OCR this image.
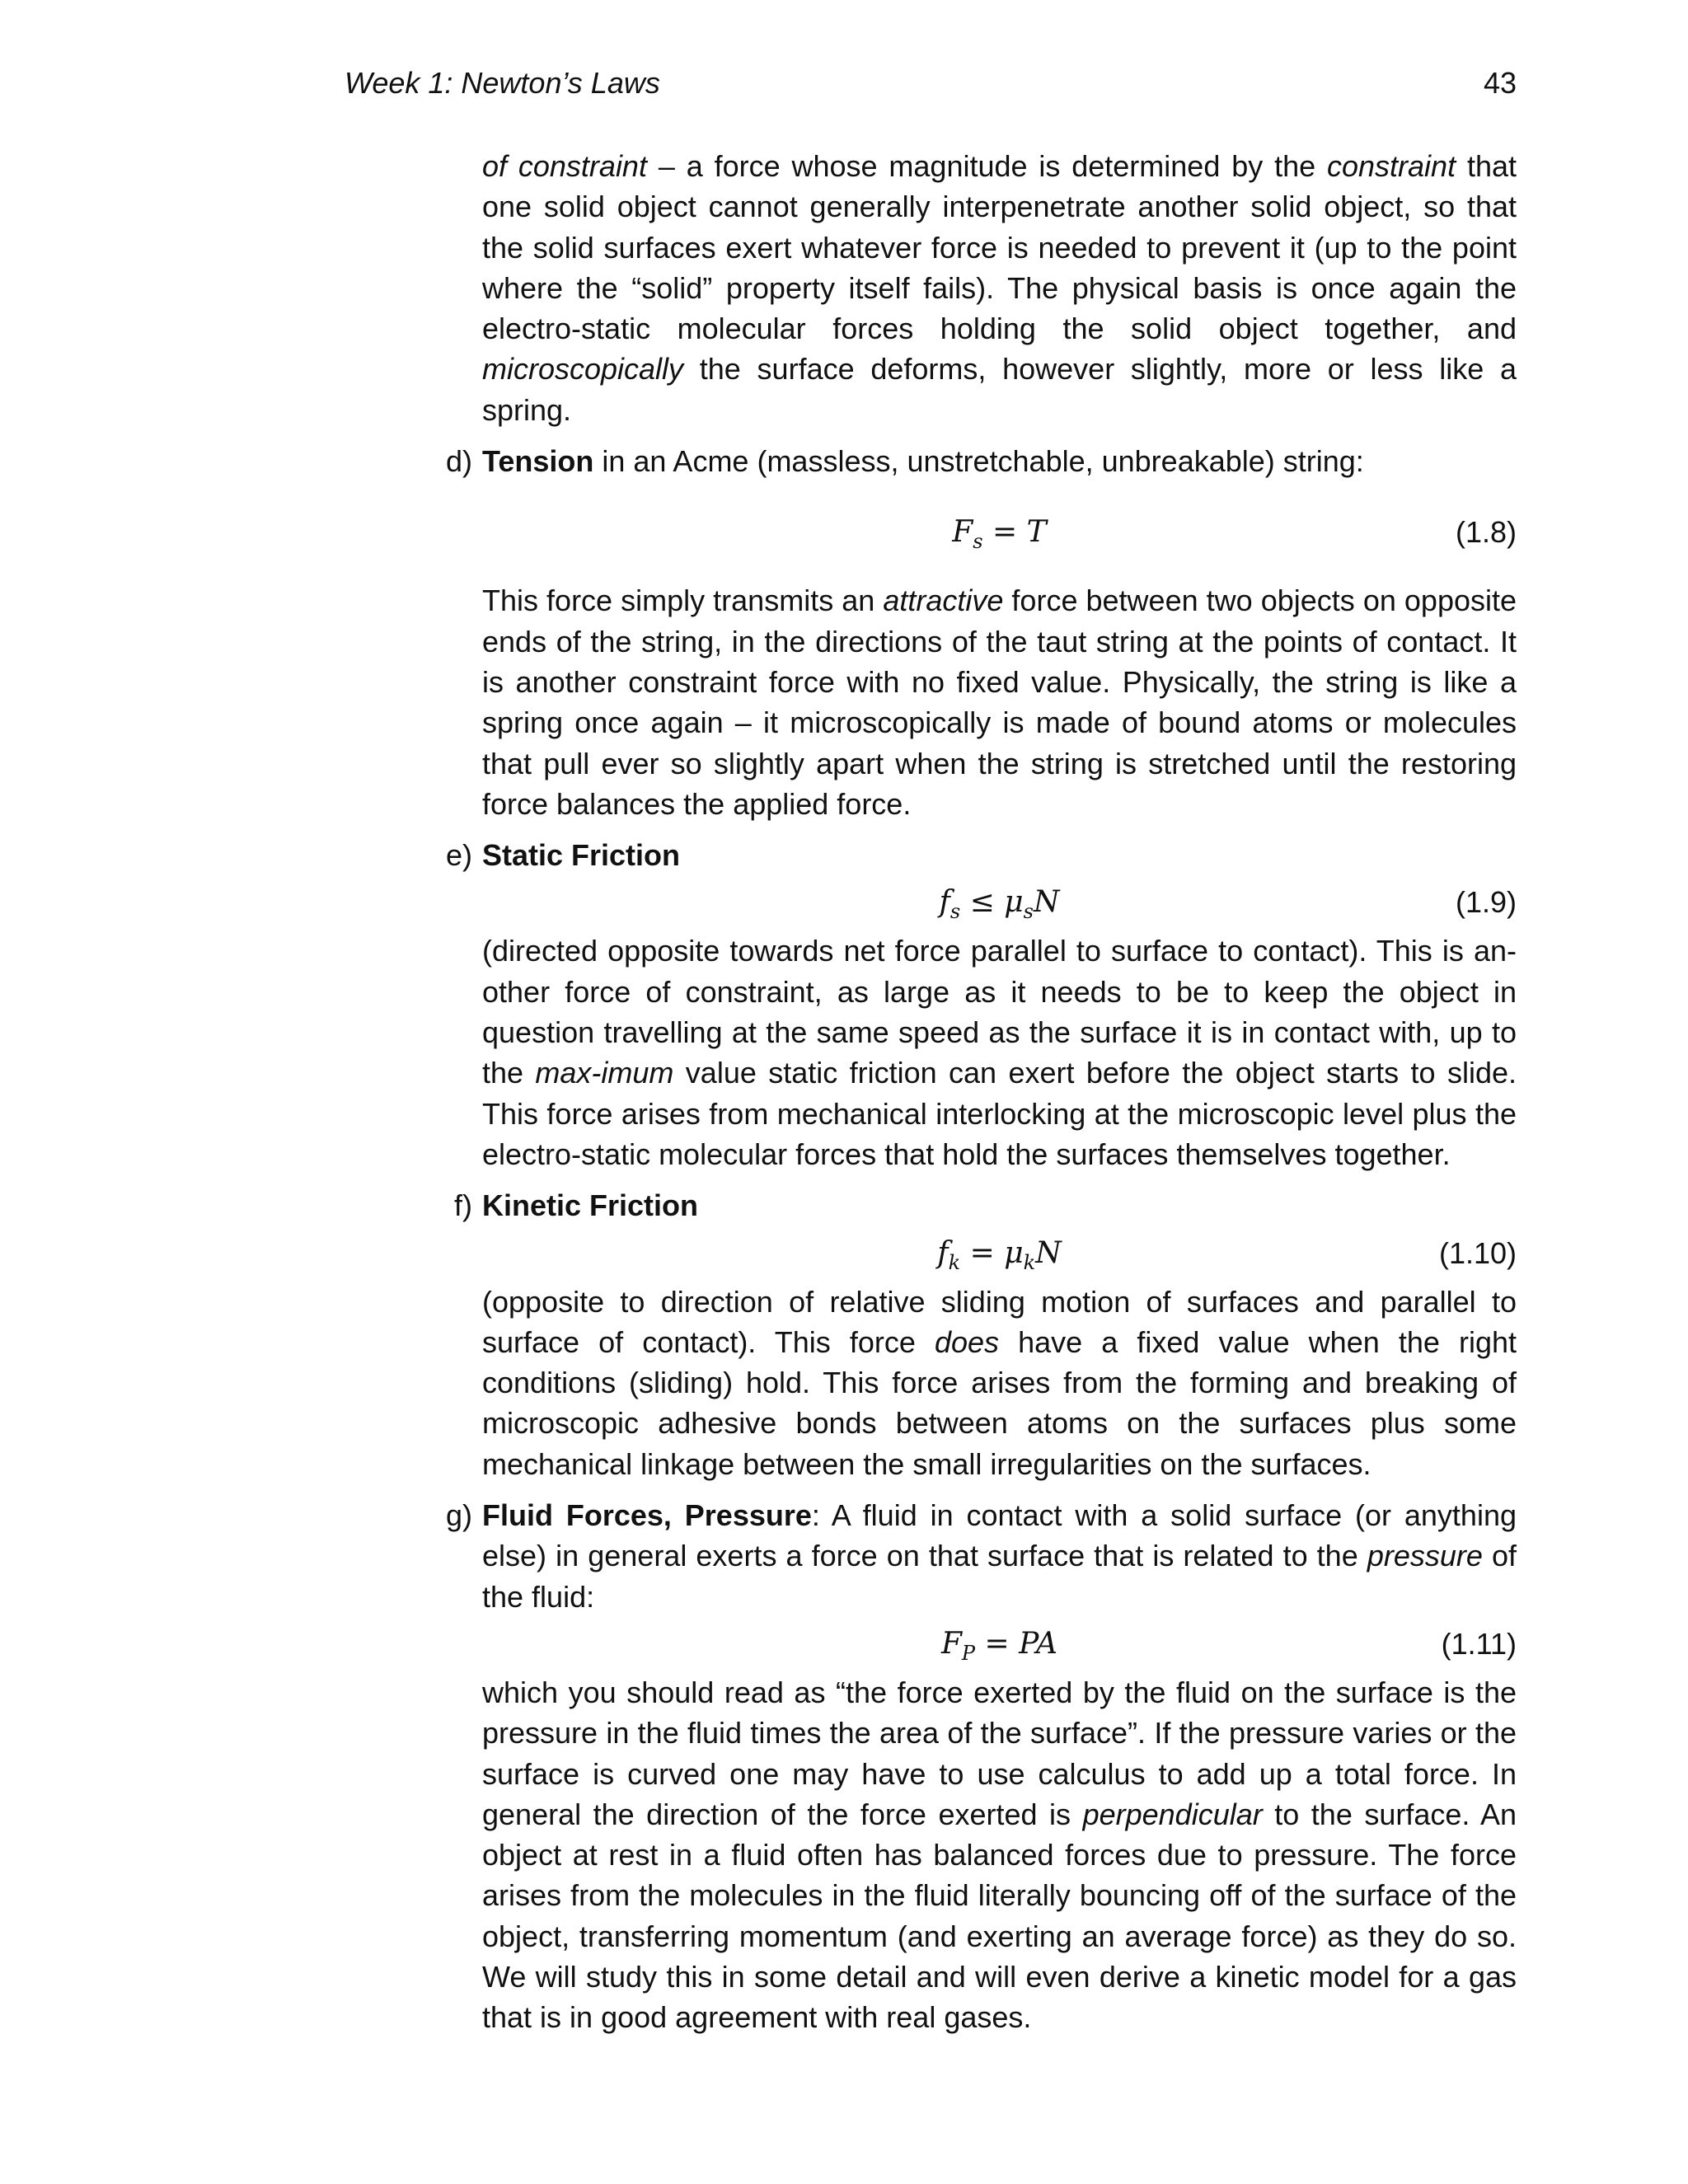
Week 1: Newton’s Laws	43

of constraint – a force whose magnitude is determined by the constraint that one solid object cannot generally interpenetrate another solid object, so that the solid surfaces exert whatever force is needed to prevent it (up to the point where the “solid” property itself fails). The physical basis is once again the electro-static molecular forces holding the solid object together, and microscopically the surface deforms, however slightly, more or less like a spring.

d) Tension in an Acme (massless, unstretchable, unbreakable) string:

$F_s = T$	(1.8)

This force simply transmits an attractive force between two objects on opposite ends of the string, in the directions of the taut string at the points of contact. It is another constraint force with no fixed value. Physically, the string is like a spring once again – it microscopically is made of bound atoms or molecules that pull ever so slightly apart when the string is stretched until the restoring force balances the applied force.

e) Static Friction

$f_s \le \mu_sN$	(1.9)

(directed opposite towards net force parallel to surface to contact). This is an-other force of constraint, as large as it needs to be to keep the object in question travelling at the same speed as the surface it is in contact with, up to the max-imum value static friction can exert before the object starts to slide. This force arises from mechanical interlocking at the microscopic level plus the electro-static molecular forces that hold the surfaces themselves together.

f) Kinetic Friction

$f_k = \mu_kN$	(1.10)

(opposite to direction of relative sliding motion of surfaces and parallel to surface of contact). This force does have a fixed value when the right conditions (sliding) hold. This force arises from the forming and breaking of microscopic adhesive bonds between atoms on the surfaces plus some mechanical linkage between the small irregularities on the surfaces.

g) Fluid Forces, Pressure: A fluid in contact with a solid surface (or anything else) in general exerts a force on that surface that is related to the pressure of the fluid:

$F_P$ = PA	(1.11)

which you should read as “the force exerted by the fluid on the surface is the pressure in the fluid times the area of the surface”. If the pressure varies or the surface is curved one may have to use calculus to add up a total force. In general the direction of the force exerted is perpendicular to the surface. An object at rest in a fluid often has balanced forces due to pressure. The force arises from the molecules in the fluid literally bouncing off of the surface of the object, transferring momentum (and exerting an average force) as they do so. We will study this in some detail and will even derive a kinetic model for a gas that is in good agreement with real gases.
